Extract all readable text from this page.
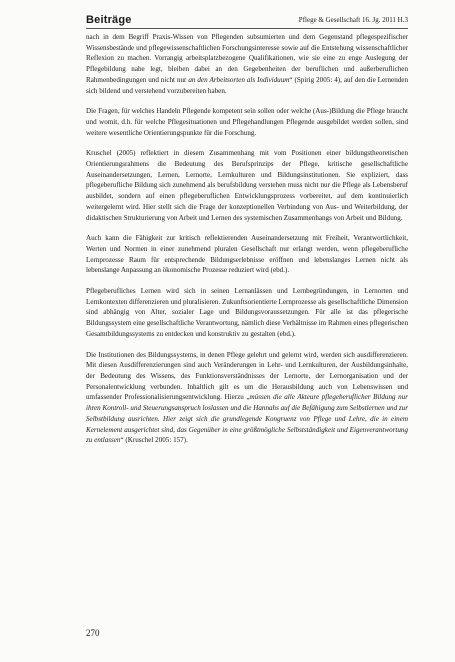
Beiträge	Pflege & Gesellschaft 16. Jg. 2011 H.3

nach in dem Begriff Praxis-Wissen von Pflegenden subsumierten und dem Gegenstand pflegespezifischer Wissensbestände und pflegewissenschaftlichen Forschungsinteresse sowie auf die Entstehung wissenschaftlicher Reflexion zu machen. Vorrangig arbeitsplatzbezogene Qualifikationen, wie sie eine zu enge Auslegung der Pflegebildung nahe legt, bleiben dabei an den Gegebenheiten der beruflichen und außerberuflichen Rahmenbedingungen und nicht nur an den Arbeitsorten als Individuum“ (Spirig 2005: 4), auf den die Lernenden sich bildend und verstehend vorzubereiten haben.

Die Fragen, für welches Handeln Pflegende kompetent sein sollen oder welche (Aus-)Bildung die Pflege braucht und womit, d.h. für welche Pflegesituationen und Pflegehandlungen Pflegende ausgebildet werden sollen, sind weitere wesentliche Orientierungspunkte für die Forschung.

Kruschel (2005) reflektiert in diesem Zusammenhang mit vom Positionen einer bildungstheoretischen Orientierungsrahmens die Bedeutung des Berufsprinzips der Pflege, kritische gesellschaftliche Auseinandersetzungen, Lernen, Lernorte, Lernkulturen und Bildungsinstitutionen. Sie expliziert, dass pflegeberufliche Bildung sich zunehmend als berufsbildung verstehen muss nicht nur die Pflege als Lebensberuf ausbildet, sondern auf einen pflegeberuflichen Entwicklungsprozess vorbereitet, auf dem kontinuierlich weitergelernt wird. Hier stellt sich die Frage der konzeptionellen Verbindung von Aus- und Weiterbildung, der didaktischen Strukturierung von Arbeit und Lernen des systemischen Zusammenhangs von Arbeit und Bildung.

Auch kann die Fähigkeit zur kritisch reflektierenden Auseinandersetzung mit Freiheit, Verantwortlichkeit, Werten und Normen in einer zunehmend pluralen Gesellschaft nur erlangt werden, wenn pflegeberufliche Lernprozesse Raum für entsprechende Bildungserlebnisse eröffnen und lebenslanges Lernen nicht als lebenslange Anpassung an ökonomische Prozesse reduziert wird (ebd.).

Pflegeberufliches Lernen wird sich in seinen Lernanlässen und Lernbegründungen, in Lernorten und Lernkontexten differenzieren und pluralisieren. Zukunftsorientierte Lernprozesse als gesellschaftliche Dimension sind abhängig von Alter, sozialer Lage und Bildungsvoraussetzungen. Für alle ist das pflegerische Bildungssystem eine gesellschaftliche Verantwortung, nämlich diese Verhältnisse im Rahmen eines pflegerischen Gesamtbildungssystems zu entdecken und konstruktiv zu gestalten (ebd.).

Die Institutionen des Bildungssystems, in denen Pflege gelehrt und gelernt wird, werden sich ausdifferenzieren. Mit diesen Ausdifferenzierungen sind auch Veränderungen in Lehr- und Lernkulturen, der Ausbildungsinhalte, der Bedeutung des Wissens, des Funktionsverständnisses der Lernorte, der Lernorganisation und der Personalentwicklung verbunden. Inhaltlich gilt es um die Herausbildung auch von Lebenswissen und umfassender Professionalisierungsentwicklung. Hierzu „müssen die alle Akteure pflegeberuflicher Bildung nur ihren Kontroll- und Steuerungsanspruch loslassen und die Hannahs auf die Befähigung zum Selbstlernen und zur Selbstbildung ausrichten. Hier zeigt sich die grundlegende Kongruenz von Pflege und Lehre, die in einem Kernelement ausgerichtet sind, das Gegenüber in eine größtmögliche Selbstständigkeit und Eigenverantwortung zu entlassen“ (Kruschel 2005: 157).

270
